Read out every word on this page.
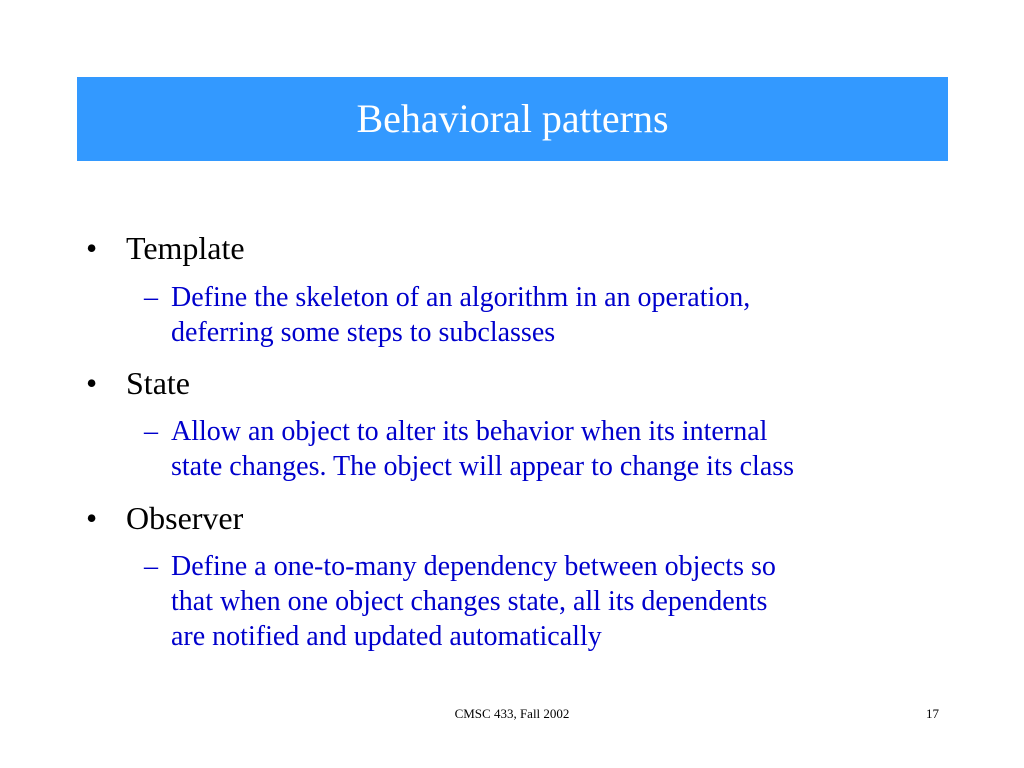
Behavioral patterns
• Template
– Define the skeleton of an algorithm in an operation,
deferring some steps to subclasses
• State
– Allow an object to alter its behavior when its internal
state changes. The object will appear to change its class
• Observer
– Define a one-to-many dependency between objects so
that when one object changes state, all its dependents
are notified and updated automatically
CMSC 433, Fall 2002	17
